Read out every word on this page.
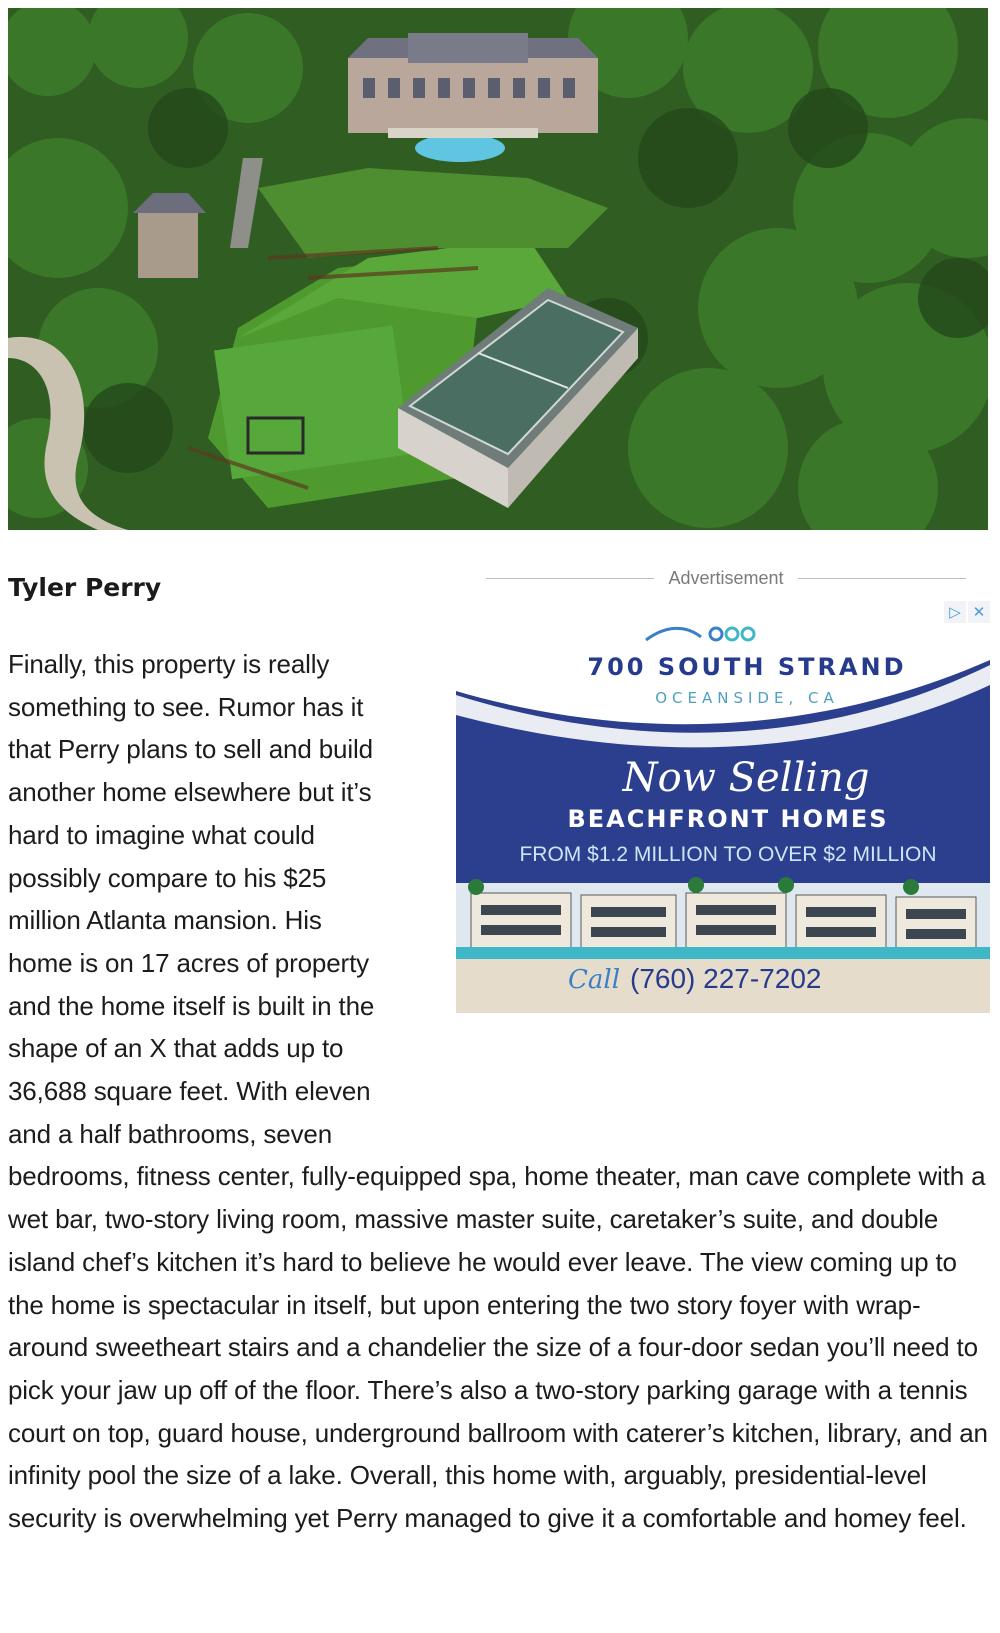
Tyler Perry	Advertisement
700 SOUTH STRAND
OCEANSIDE, CA
Now Selling
BEACHFRONT HOMES
FROM $1.2 MILLION TO OVER $2 MILLION
▷ ✕
Call (760) 227-7202

Finally, this property is really something to see. Rumor has it that Perry plans to sell and build another home elsewhere but it’s hard to imagine what could possibly compare to his $25 million Atlanta mansion. His home is on 17 acres of property and the home itself is built in the shape of an X that adds up to 36,688 square feet. With eleven and a half bathrooms, seven bedrooms, fitness center, fully-equipped spa, home theater, man cave complete with a wet bar, two-story living room, massive master suite, caretaker’s suite, and double island chef’s kitchen it’s hard to believe he would ever leave. The view coming up to the home is spectacular in itself, but upon entering the two story foyer with wrap-around sweetheart stairs and a chandelier the size of a four-door sedan you’ll need to pick your jaw up off of the floor. There’s also a two-story parking garage with a tennis court on top, guard house, underground ballroom with caterer’s kitchen, library, and an infinity pool the size of a lake. Overall, this home with, arguably, presidential-level security is overwhelming yet Perry managed to give it a comfortable and homey feel.
